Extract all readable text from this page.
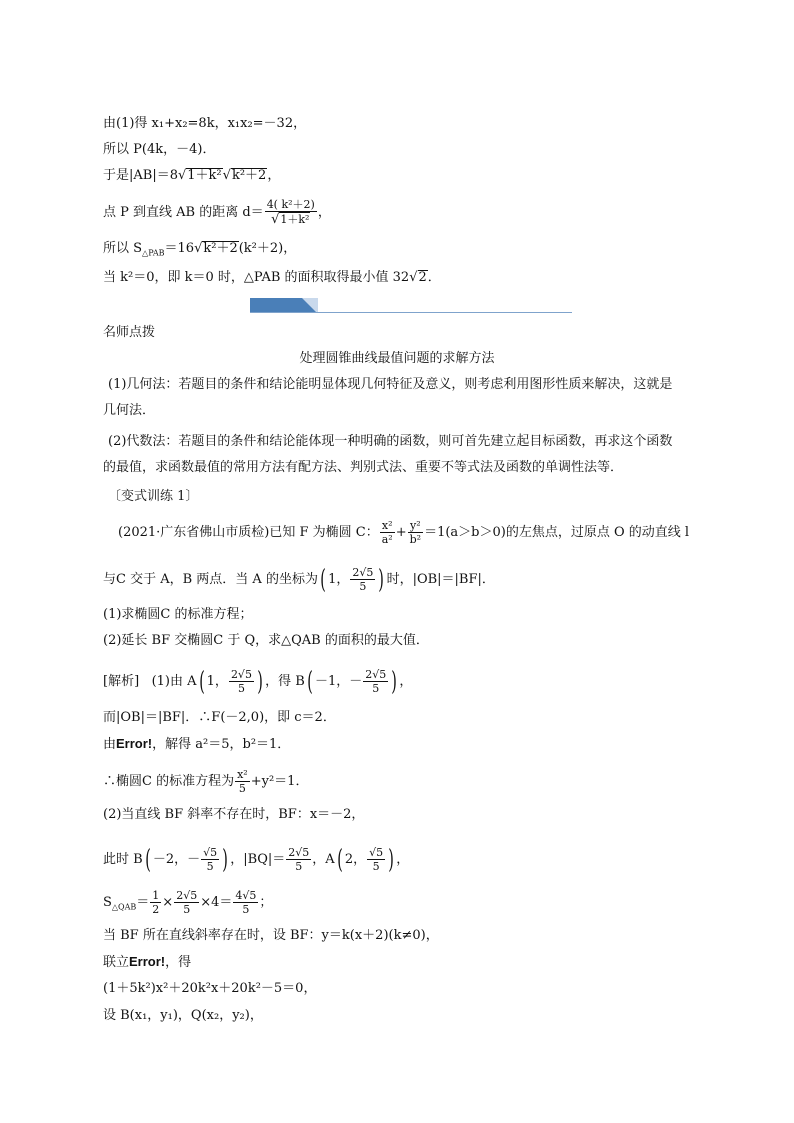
由(1)得 x₁+x₂=8k，x₁x₂=－32，
所以 P(4k，－4)．
于是|AB|＝8√1＋k²√k²＋2，
点 P 到直线 AB 的距离 $d= \frac{\text{4( k²＋2)}}{\text{√1＋k²}}$ ，
所以 $S_{\triangle PAB}=16√k^2+2(k^2+2)$，
当 k²＝0，即 k＝0 时，△PAB 的面积取得最小值 32√2．
名师点拨
处理圆锥曲线最值问题的求解方法
(1)几何法：若题目的条件和结论能明显体现几何特征及意义，则考虑利用图形性质来解决，这就是
几何法．
(2)代数法：若题目的条件和结论能体现一种明确的函数，则可首先建立起目标函数，再求这个函数
的最值，求函数最值的常用方法有配方法、判别式法、重要不等式法及函数的单调性法等．
〔变式训练 1〕
(2021·广东省佛山市质检)已知 F 为椭圆 C： $\frac{\text{x²}}{\text{a²}} + \frac{\text{y²}}{\text{b²}} =1(a>b>0)$的左焦点，过原点 O 的动直线 l
与C 交于 A，B 两点．当 A 的坐标为( 1， $\frac{2√5}{5}$ ) 时，|OB|＝|BF|．
(1)求椭圆C 的标准方程；
(2)延长 BF 交椭圆C 于 Q，求△QAB 的面积的最大值．
[解析] (1)由 A( 1， $\frac{2√5}{5}$ ) ，得 B( －1，－ $\frac{2√5}{5}$ ) ，
而|OB|＝|BF|．∴F(－2,0)，即 c＝2．
由Error!，解得 a²＝5，b²＝1．
∴椭圆C 的标准方程为 $\frac{\text{x²}}{5} +y^2=1$．
(2)当直线 BF 斜率不存在时，BF：x＝－2，
此时 B( －2，－ $\frac{√5}{5}$ ) ，$|BQ|= \frac{2√5}{5}$ ，A( 2， $\frac{√5}{5}$ ) ，
$S_{\triangle QAB}= \frac{1}{2} \times \frac{2√5}{5} \times 4= \frac{4√5}{5}$ ；
当 BF 所在直线斜率存在时，设 BF：y＝k(x＋2)(k≠0)，
联立Error!，得
(1＋5k²)x²＋20k²x＋20k²－5＝0，
设 B(x₁，y₁)，Q(x₂，y₂)，
